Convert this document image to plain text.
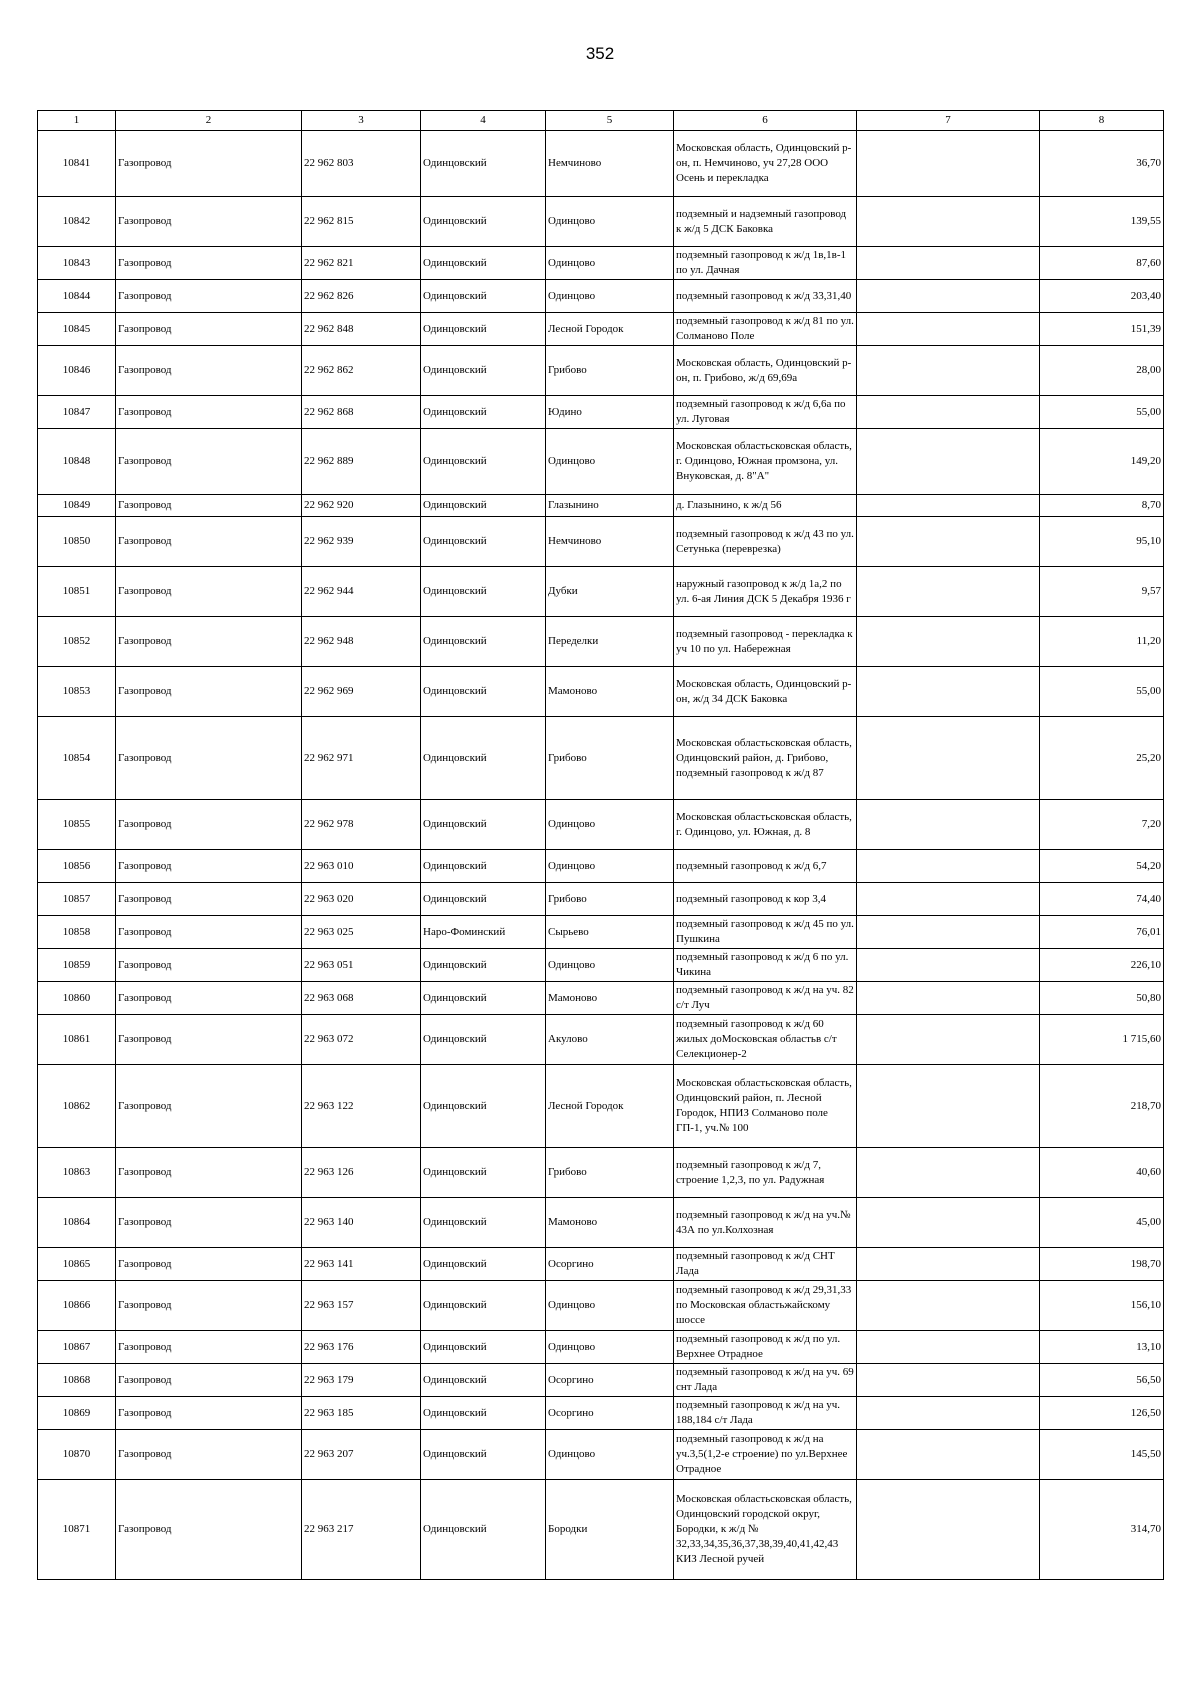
352
1	2	3	4	5	6	7	8
10841	Газопровод	22 962 803	Одинцовский	Немчиново	Московская область, Одинцовский р-он, п. Немчиново, уч 27,28 ООО Осень и перекладка		36,70
10842	Газопровод	22 962 815	Одинцовский	Одинцово	подземный и надземный газопровод к ж/д 5 ДСК Баковка		139,55
10843	Газопровод	22 962 821	Одинцовский	Одинцово	подземный газопровод к ж/д 1в,1в-1 по ул. Дачная		87,60
10844	Газопровод	22 962 826	Одинцовский	Одинцово	подземный газопровод к ж/д 33,31,40		203,40
10845	Газопровод	22 962 848	Одинцовский	Лесной Городок	подземный газопровод к ж/д 81 по ул. Солманово Поле		151,39
10846	Газопровод	22 962 862	Одинцовский	Грибово	Московская область, Одинцовский р-он, п. Грибово, ж/д 69,69а		28,00
10847	Газопровод	22 962 868	Одинцовский	Юдино	подземный газопровод к ж/д 6,6а по ул. Луговая		55,00
10848	Газопровод	22 962 889	Одинцовский	Одинцово	Московская областьсковская область, г. Одинцово, Южная промзона, ул. Внуковская, д. 8"А"		149,20
10849	Газопровод	22 962 920	Одинцовский	Глазынино	д. Глазынино, к ж/д 56		8,70
10850	Газопровод	22 962 939	Одинцовский	Немчиново	подземный газопровод к ж/д 43 по ул. Сетунька (переврезка)		95,10
10851	Газопровод	22 962 944	Одинцовский	Дубки	наружный газопровод к ж/д 1а,2 по ул. 6-ая Линия ДСК 5 Декабря 1936 г		9,57
10852	Газопровод	22 962 948	Одинцовский	Переделки	подземный газопровод - перекладка к уч 10 по ул. Набережная		11,20
10853	Газопровод	22 962 969	Одинцовский	Мамоново	Московская область, Одинцовский р-он, ж/д 34 ДСК Баковка		55,00
10854	Газопровод	22 962 971	Одинцовский	Грибово	Московская областьсковская область, Одинцовский район, д. Грибово, подземный газопровод к ж/д 87		25,20
10855	Газопровод	22 962 978	Одинцовский	Одинцово	Московская областьсковская область, г. Одинцово, ул. Южная, д. 8		7,20
10856	Газопровод	22 963 010	Одинцовский	Одинцово	подземный газопровод к ж/д 6,7		54,20
10857	Газопровод	22 963 020	Одинцовский	Грибово	подземный газопровод к кор 3,4		74,40
10858	Газопровод	22 963 025	Наро-Фоминский	Сырьево	подземный газопровод к ж/д 45 по ул. Пушкина		76,01
10859	Газопровод	22 963 051	Одинцовский	Одинцово	подземный газопровод к ж/д 6 по ул. Чикина		226,10
10860	Газопровод	22 963 068	Одинцовский	Мамоново	подземный газопровод к ж/д на уч. 82 с/т Луч		50,80
10861	Газопровод	22 963 072	Одинцовский	Акулово	подземный газопровод к ж/д 60 жилых доМосковская областьв с/т Селекционер-2		1 715,60
10862	Газопровод	22 963 122	Одинцовский	Лесной Городок	Московская областьсковская область, Одинцовский район, п. Лесной Городок, НПИЗ Солманово поле ГП-1, уч.№ 100		218,70
10863	Газопровод	22 963 126	Одинцовский	Грибово	подземный газопровод к ж/д 7, строение 1,2,3, по ул. Радужная		40,60
10864	Газопровод	22 963 140	Одинцовский	Мамоново	подземный газопровод к ж/д на уч.№ 43А по ул.Колхозная		45,00
10865	Газопровод	22 963 141	Одинцовский	Осоргино	подземный газопровод к ж/д СНТ Лада		198,70
10866	Газопровод	22 963 157	Одинцовский	Одинцово	подземный газопровод к ж/д 29,31,33 по Московская областьжайскому шоссе		156,10
10867	Газопровод	22 963 176	Одинцовский	Одинцово	подземный газопровод к ж/д по ул. Верхнее Отрадное		13,10
10868	Газопровод	22 963 179	Одинцовский	Осоргино	подземный газопровод к ж/д на уч. 69 снт Лада		56,50
10869	Газопровод	22 963 185	Одинцовский	Осоргино	подземный газопровод к ж/д на уч. 188,184 с/т Лада		126,50
10870	Газопровод	22 963 207	Одинцовский	Одинцово	подземный газопровод к ж/д на уч.3,5(1,2-е строение) по ул.Верхнее Отрадное		145,50
10871	Газопровод	22 963 217	Одинцовский	Бородки	Московская областьсковская область, Одинцовский городской округ, Бородки, к ж/д № 32,33,34,35,36,37,38,39,40,41,42,43 КИЗ Лесной ручей		314,70
